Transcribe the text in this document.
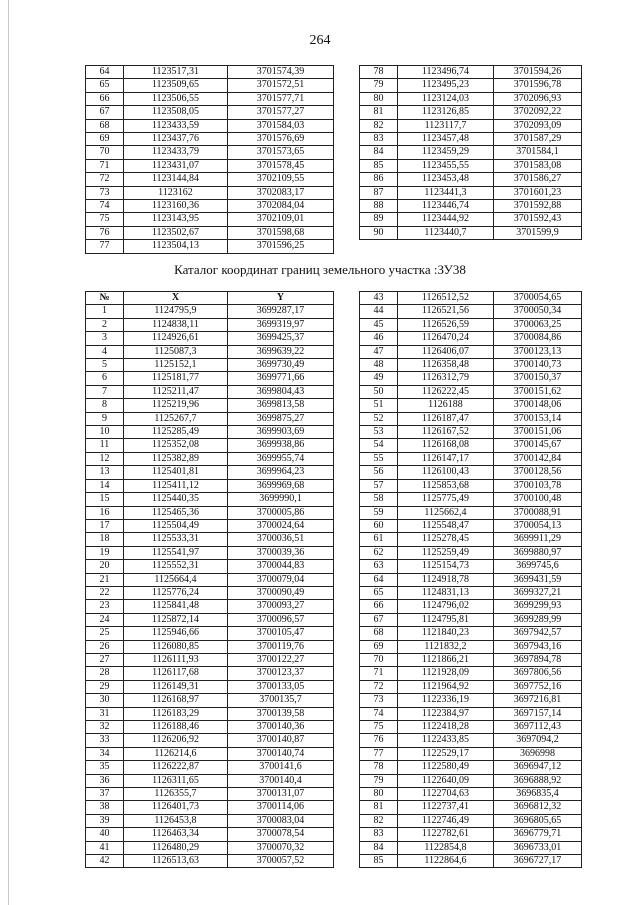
264
64	1123517,31	3701574,39
65	1123509,65	3701572,51
66	1123506,55	3701577,71
67	1123508,05	3701577,27
68	1123433,59	3701584,03
69	1123437,76	3701576,69
70	1123433,79	3701573,65
71	1123431,07	3701578,45
72	1123144,84	3702109,55
73	1123162	3702083,17
74	1123160,36	3702084,04
75	1123143,95	3702109,01
76	1123502,67	3701598,68
77	1123504,13	3701596,25
78	1123496,74	3701594,26
79	1123495,23	3701596,78
80	1123124,03	3702096,93
81	1123126,85	3702092,22
82	1123117,7	3702093,09
83	1123457,48	3701587,29
84	1123459,29	3701584,1
85	1123455,55	3701583,08
86	1123453,48	3701586,27
87	1123441,3	3701601,23
88	1123446,74	3701592,88
89	1123444,92	3701592,43
90	1123440,7	3701599,9
Каталог координат границ земельного участка :ЗУ38
№	X	Y
1	1124795,9	3699287,17
2	1124838,11	3699319,97
3	1124926,61	3699425,37
4	1125087,3	3699639,22
5	1125152,1	3699730,49
6	1125181,77	3699771,66
7	1125211,47	3699804,43
8	1125219,96	3699813,58
9	1125267,7	3699875,27
10	1125285,49	3699903,69
11	1125352,08	3699938,86
12	1125382,89	3699955,74
13	1125401,81	3699964,23
14	1125411,12	3699969,68
15	1125440,35	3699990,1
16	1125465,36	3700005,86
17	1125504,49	3700024,64
18	1125533,31	3700036,51
19	1125541,97	3700039,36
20	1125552,31	3700044,83
21	1125664,4	3700079,04
22	1125776,24	3700090,49
23	1125841,48	3700093,27
24	1125872,14	3700096,57
25	1125946,66	3700105,47
26	1126080,85	3700119,76
27	1126111,93	3700122,27
28	1126117,68	3700123,37
29	1126149,31	3700133,05
30	1126168,97	3700135,7
31	1126183,29	3700139,58
32	1126188,46	3700140,36
33	1126206,92	3700140,87
34	1126214,6	3700140,74
35	1126222,87	3700141,6
36	1126311,65	3700140,4
37	1126355,7	3700131,07
38	1126401,73	3700114,06
39	1126453,8	3700083,04
40	1126463,34	3700078,54
41	1126480,29	3700070,32
42	1126513,63	3700057,52
43	1126512,52	3700054,65
44	1126521,56	3700050,34
45	1126526,59	3700063,25
46	1126470,24	3700084,86
47	1126406,07	3700123,13
48	1126358,48	3700140,73
49	1126312,79	3700150,37
50	1126222,45	3700151,62
51	1126188	3700148,06
52	1126187,47	3700153,14
53	1126167,52	3700151,06
54	1126168,08	3700145,67
55	1126147,17	3700142,84
56	1126100,43	3700128,56
57	1125853,68	3700103,78
58	1125775,49	3700100,48
59	1125662,4	3700088,91
60	1125548,47	3700054,13
61	1125278,45	3699911,29
62	1125259,49	3699880,97
63	1125154,73	3699745,6
64	1124918,78	3699431,59
65	1124831,13	3699327,21
66	1124796,02	3699299,93
67	1124795,81	3699289,99
68	1121840,23	3697942,57
69	1121832,2	3697943,16
70	1121866,21	3697894,78
71	1121928,09	3697806,56
72	1121964,92	3697752,16
73	1122336,19	3697216,81
74	1122384,97	3697157,14
75	1122418,28	3697112,43
76	1122433,85	3697094,2
77	1122529,17	3696998
78	1122580,49	3696947,12
79	1122640,09	3696888,92
80	1122704,63	3696835,4
81	1122737,41	3696812,32
82	1122746,49	3696805,65
83	1122782,61	3696779,71
84	1122854,8	3696733,01
85	1122864,6	3696727,17
